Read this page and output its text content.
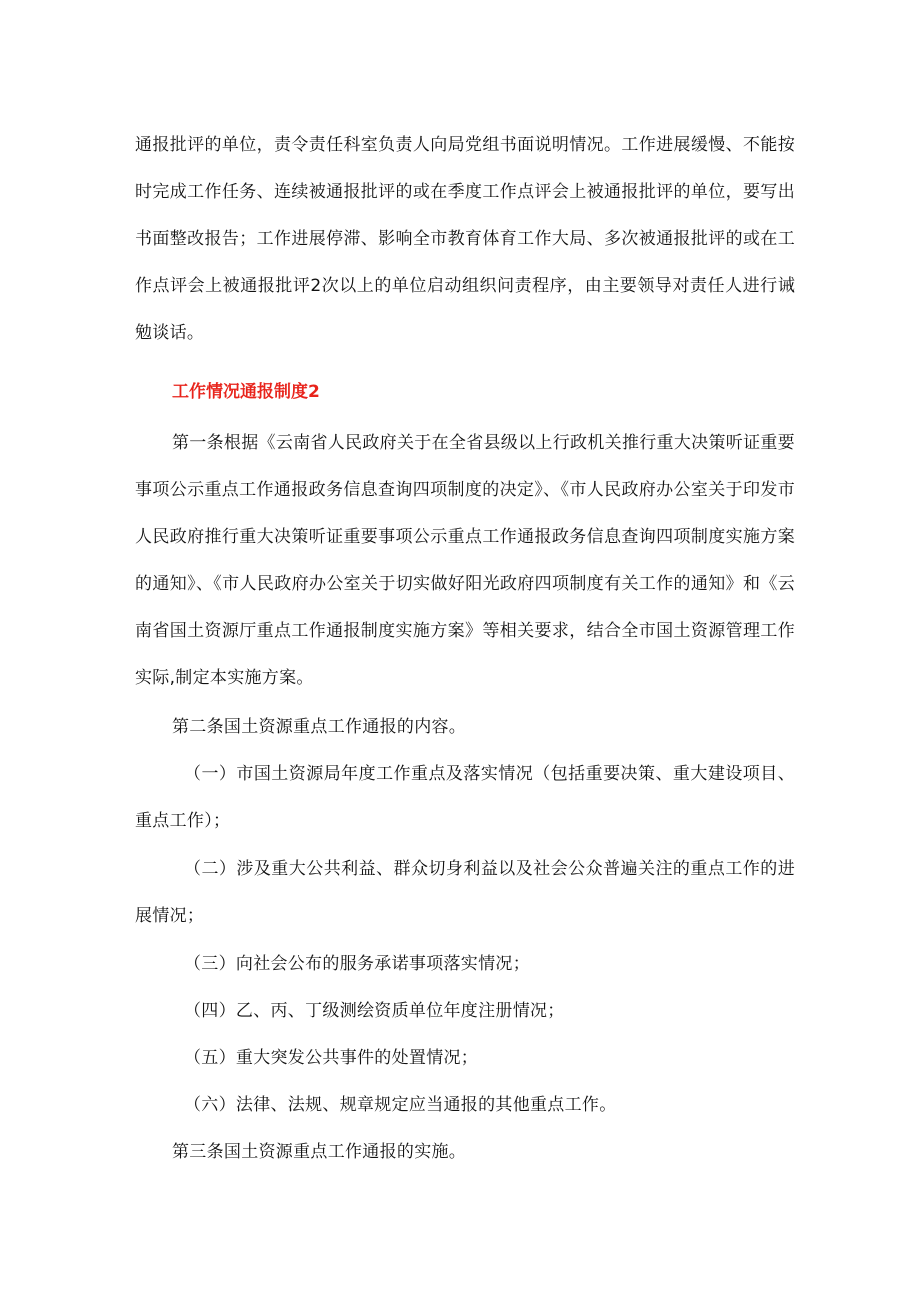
通报批评的单位，责令责任科室负责人向局党组书面说明情况。工作进展缓慢、不能按时完成工作任务、连续被通报批评的或在季度工作点评会上被通报批评的单位，要写出书面整改报告；工作进展停滞、影响全市教育体育工作大局、多次被通报批评的或在工作点评会上被通报批评2次以上的单位启动组织问责程序，由主要领导对责任人进行诫勉谈话。
工作情况通报制度2
第一条根据《云南省人民政府关于在全省县级以上行政机关推行重大决策听证重要事项公示重点工作通报政务信息查询四项制度的决定》、《市人民政府办公室关于印发市人民政府推行重大决策听证重要事项公示重点工作通报政务信息查询四项制度实施方案的通知》、《市人民政府办公室关于切实做好阳光政府四项制度有关工作的通知》和《云南省国土资源厅重点工作通报制度实施方案》等相关要求，结合全市国土资源管理工作实际,制定本实施方案。
第二条国土资源重点工作通报的内容。
（一）市国土资源局年度工作重点及落实情况（包括重要决策、重大建设项目、重点工作）；
（二）涉及重大公共利益、群众切身利益以及社会公众普遍关注的重点工作的进展情况；
（三）向社会公布的服务承诺事项落实情况；
（四）乙、丙、丁级测绘资质单位年度注册情况；
（五）重大突发公共事件的处置情况；
（六）法律、法规、规章规定应当通报的其他重点工作。
第三条国土资源重点工作通报的实施。
